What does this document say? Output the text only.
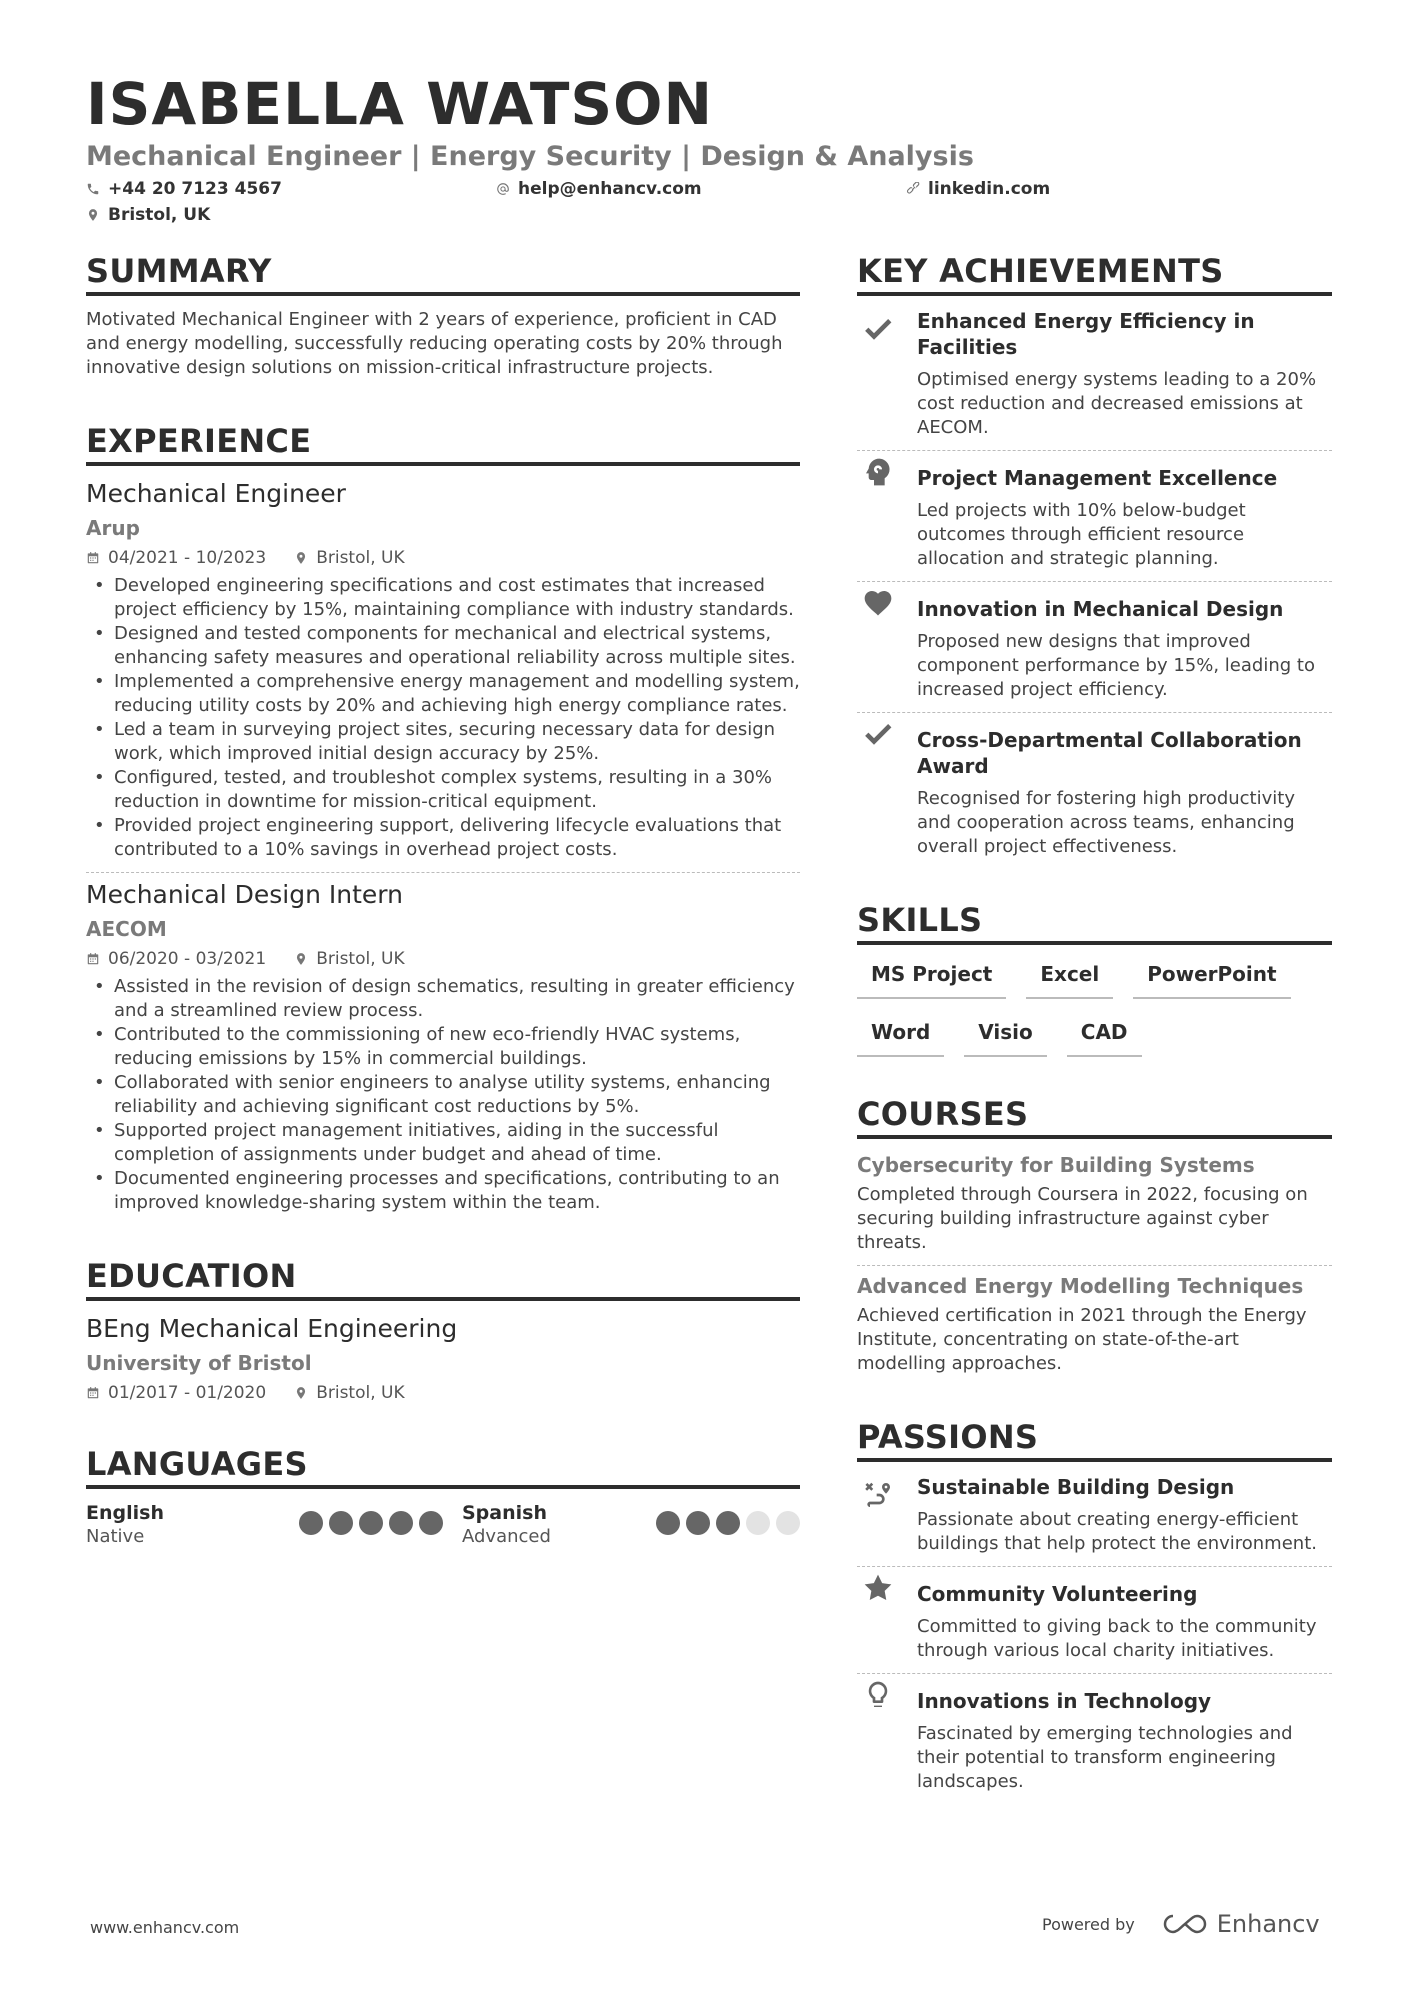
ISABELLA WATSON
Mechanical Engineer | Energy Security | Design & Analysis
+44 20 7123 4567	help@enhancv.com	linkedin.com
Bristol, UK
SUMMARY
Motivated Mechanical Engineer with 2 years of experience, proficient in CAD and energy modelling, successfully reducing operating costs by 20% through innovative design solutions on mission-critical infrastructure projects.
EXPERIENCE
Mechanical Engineer
Arup
04/2021 - 10/2023	Bristol, UK
• Developed engineering specifications and cost estimates that increased project efficiency by 15%, maintaining compliance with industry standards.
• Designed and tested components for mechanical and electrical systems, enhancing safety measures and operational reliability across multiple sites.
• Implemented a comprehensive energy management and modelling system, reducing utility costs by 20% and achieving high energy compliance rates.
• Led a team in surveying project sites, securing necessary data for design work, which improved initial design accuracy by 25%.
• Configured, tested, and troubleshot complex systems, resulting in a 30% reduction in downtime for mission-critical equipment.
• Provided project engineering support, delivering lifecycle evaluations that contributed to a 10% savings in overhead project costs.
Mechanical Design Intern
AECOM
06/2020 - 03/2021	Bristol, UK
• Assisted in the revision of design schematics, resulting in greater efficiency and a streamlined review process.
• Contributed to the commissioning of new eco-friendly HVAC systems, reducing emissions by 15% in commercial buildings.
• Collaborated with senior engineers to analyse utility systems, enhancing reliability and achieving significant cost reductions by 5%.
• Supported project management initiatives, aiding in the successful completion of assignments under budget and ahead of time.
• Documented engineering processes and specifications, contributing to an improved knowledge-sharing system within the team.
EDUCATION
BEng Mechanical Engineering
University of Bristol
01/2017 - 01/2020	Bristol, UK
LANGUAGES
English
Native
Spanish
Advanced
KEY ACHIEVEMENTS
Enhanced Energy Efficiency in Facilities
Optimised energy systems leading to a 20% cost reduction and decreased emissions at AECOM.
Project Management Excellence
Led projects with 10% below-budget outcomes through efficient resource allocation and strategic planning.
Innovation in Mechanical Design
Proposed new designs that improved component performance by 15%, leading to increased project efficiency.
Cross-Departmental Collaboration Award
Recognised for fostering high productivity and cooperation across teams, enhancing overall project effectiveness.
SKILLS
MS Project	Excel	PowerPoint
Word	Visio	CAD
COURSES
Cybersecurity for Building Systems
Completed through Coursera in 2022, focusing on securing building infrastructure against cyber threats.
Advanced Energy Modelling Techniques
Achieved certification in 2021 through the Energy Institute, concentrating on state-of-the-art modelling approaches.
PASSIONS
Sustainable Building Design
Passionate about creating energy-efficient buildings that help protect the environment.
Community Volunteering
Committed to giving back to the community through various local charity initiatives.
Innovations in Technology
Fascinated by emerging technologies and their potential to transform engineering landscapes.
www.enhancv.com	Powered by	Enhancv
